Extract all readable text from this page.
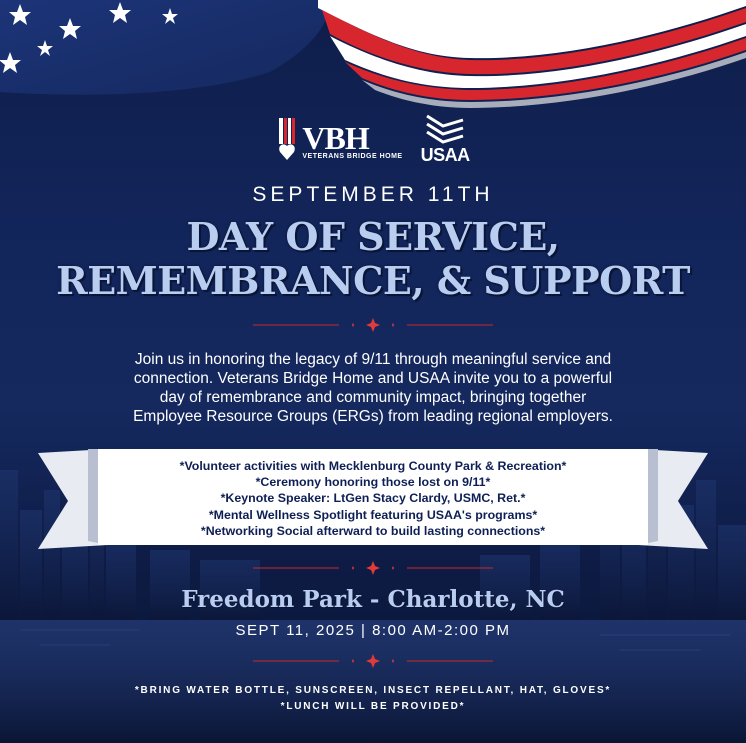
VBH
VETERANS BRIDGE HOME USAA
SEPTEMBER 11TH
DAY OF SERVICE,
REMEMBRANCE, & SUPPORT
Join us in honoring the legacy of 9/11 through meaningful service and
connection. Veterans Bridge Home and USAA invite you to a powerful
day of remembrance and community impact, bringing together
Employee Resource Groups (ERGs) from leading regional employers.
*Volunteer activities with Mecklenburg County Park & Recreation*
*Ceremony honoring those lost on 9/11*
*Keynote Speaker: LtGen Stacy Clardy, USMC, Ret.*
*Mental Wellness Spotlight featuring USAA's programs*
*Networking Social afterward to build lasting connections*
Freedom Park - Charlotte, NC
SEPT 11, 2025 | 8:00 AM-2:00 PM
*BRING WATER BOTTLE, SUNSCREEN, INSECT REPELLANT, HAT, GLOVES*
*LUNCH WILL BE PROVIDED*
